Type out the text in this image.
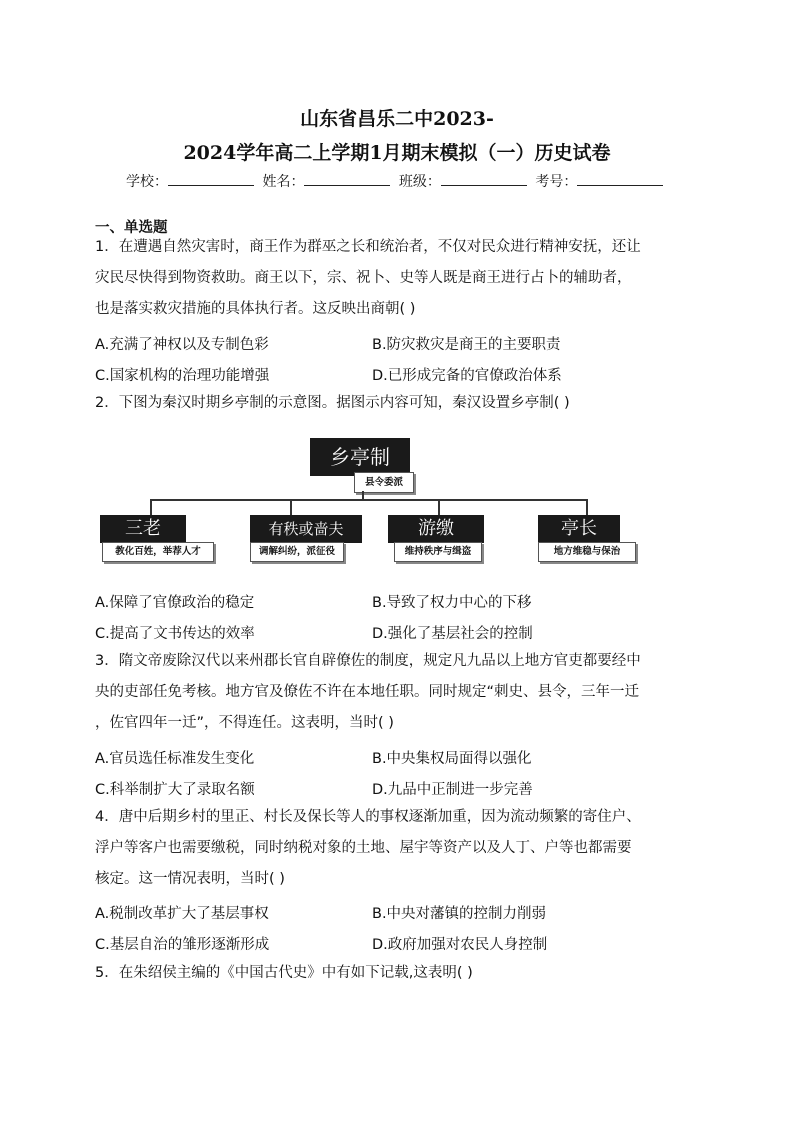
山东省昌乐二中2023-
2024学年高二上学期1月期末模拟（一）历史试卷
学校：	姓名：	班级：	考号：
一、单选题
1．在遭遇自然灾害时，商王作为群巫之长和统治者，不仅对民众进行精神安抚，还让
灾民尽快得到物资救助。商王以下，宗、祝卜、史等人既是商王进行占卜的辅助者，
也是落实救灾措施的具体执行者。这反映出商朝( )
A.充满了神权以及专制色彩	B.防灾救灾是商王的主要职责
C.国家机构的治理功能增强	D.已形成完备的官僚政治体系
2．下图为秦汉时期乡亭制的示意图。据图示内容可知，秦汉设置乡亭制( )
乡亭制
县令委派
三老
教化百姓，举荐人才
有秩或啬夫
调解纠纷，派征役
游缴
维持秩序与缉盗
亭长
地方维稳与保治
A.保障了官僚政治的稳定	B.导致了权力中心的下移
C.提高了文书传达的效率	D.强化了基层社会的控制
3．隋文帝废除汉代以来州郡长官自辟僚佐的制度，规定凡九品以上地方官吏都要经中
央的吏部任免考核。地方官及僚佐不许在本地任职。同时规定“刺史、县令，三年一迁
，佐官四年一迁”，不得连任。这表明，当时( )
A.官员选任标准发生变化	B.中央集权局面得以强化
C.科举制扩大了录取名额	D.九品中正制进一步完善
4．唐中后期乡村的里正、村长及保长等人的事权逐渐加重，因为流动频繁的寄住户、
浮户等客户也需要缴税，同时纳税对象的土地、屋宇等资产以及人丁、户等也都需要
核定。这一情况表明，当时( )
A.税制改革扩大了基层事权	B.中央对藩镇的控制力削弱
C.基层自治的雏形逐渐形成	D.政府加强对农民人身控制
5．在朱绍侯主编的《中国古代史》中有如下记载,这表明( )
